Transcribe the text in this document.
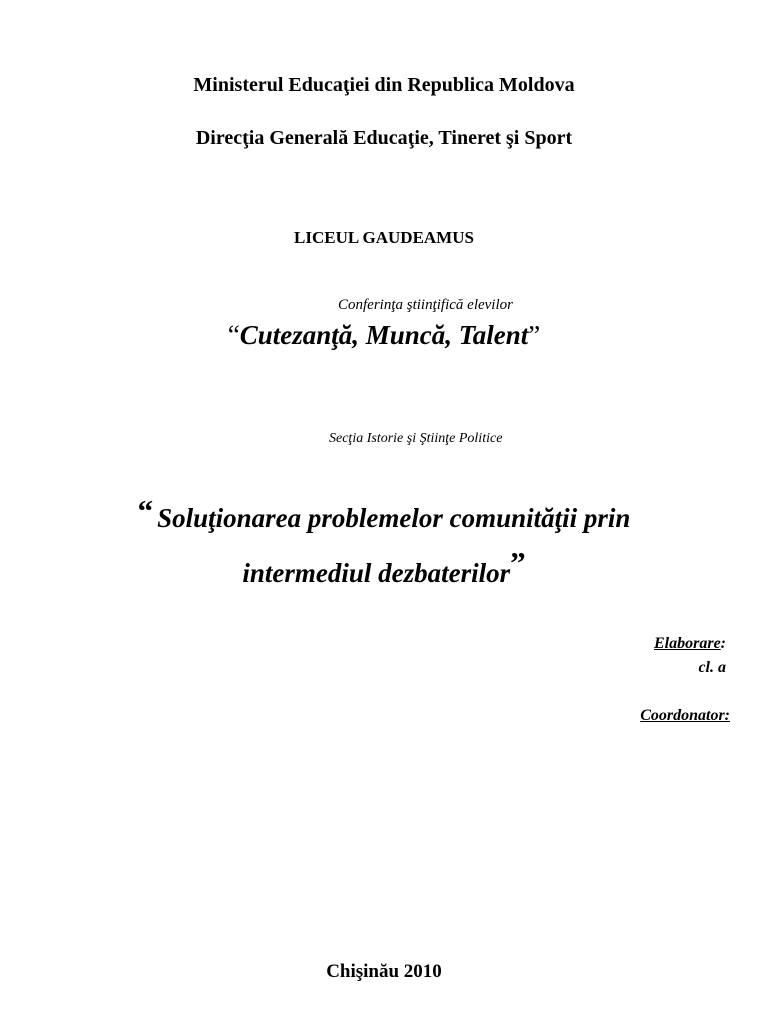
Ministerul Educaţiei din Republica Moldova
Direcţia Generală Educaţie, Tineret şi Sport
LICEUL GAUDEAMUS
Conferinţa ştiinţifică elevilor
“Cutezanţă, Muncă, Talent”
Secţia Istorie şi Ştiinţe Politice
“ Soluţionarea problemelor comunităţii prin
intermediul dezbaterilor”
Elaborare:
cl. a
Coordonator:
Chişinău 2010
